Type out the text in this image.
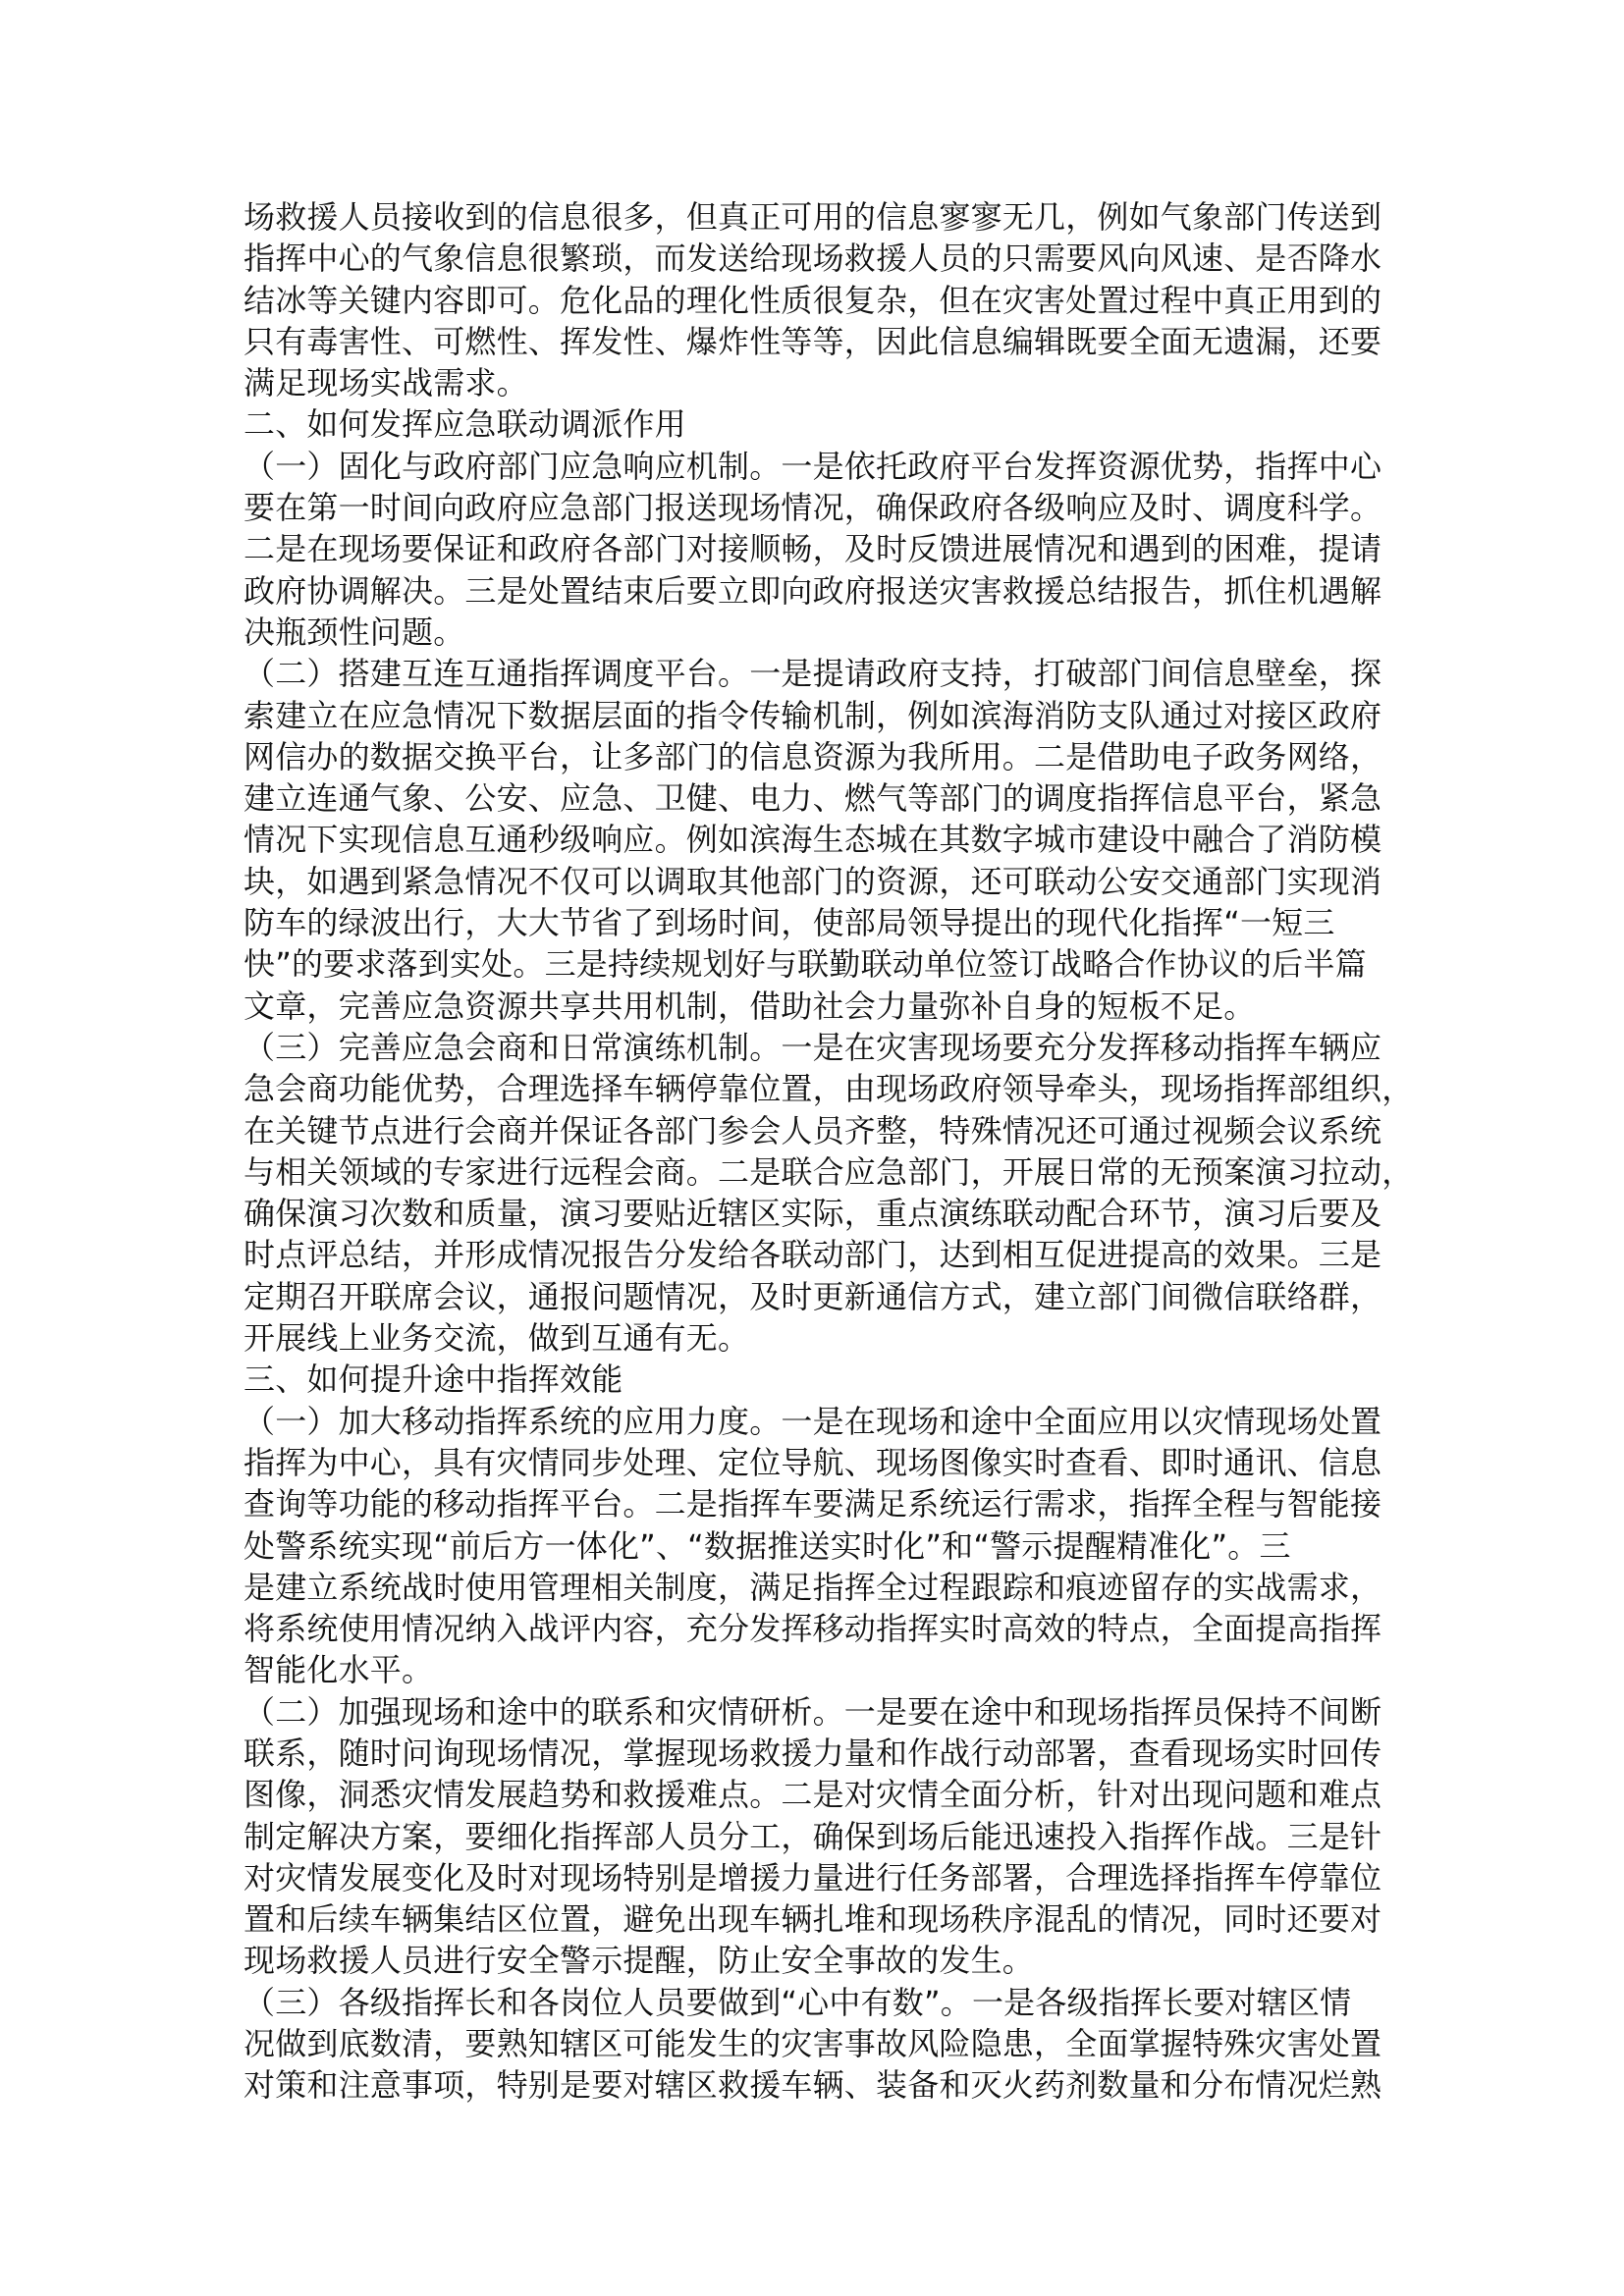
场救援人员接收到的信息很多，但真正可用的信息寥寥无几，例如气象部门传送到
指挥中心的气象信息很繁琐，而发送给现场救援人员的只需要风向风速、是否降水
结冰等关键内容即可。危化品的理化性质很复杂，但在灾害处置过程中真正用到的
只有毒害性、可燃性、挥发性、爆炸性等等，因此信息编辑既要全面无遗漏，还要
满足现场实战需求。
二、如何发挥应急联动调派作用
（一）固化与政府部门应急响应机制。一是依托政府平台发挥资源优势，指挥中心
要在第一时间向政府应急部门报送现场情况，确保政府各级响应及时、调度科学。
二是在现场要保证和政府各部门对接顺畅，及时反馈进展情况和遇到的困难，提请
政府协调解决。三是处置结束后要立即向政府报送灾害救援总结报告，抓住机遇解
决瓶颈性问题。
（二）搭建互连互通指挥调度平台。一是提请政府支持，打破部门间信息壁垒，探
索建立在应急情况下数据层面的指令传输机制，例如滨海消防支队通过对接区政府
网信办的数据交换平台，让多部门的信息资源为我所用。二是借助电子政务网络，
建立连通气象、公安、应急、卫健、电力、燃气等部门的调度指挥信息平台，紧急
情况下实现信息互通秒级响应。例如滨海生态城在其数字城市建设中融合了消防模
块，如遇到紧急情况不仅可以调取其他部门的资源，还可联动公安交通部门实现消
防车的绿波出行，大大节省了到场时间，使部局领导提出的现代化指挥“一短三
快”的要求落到实处。三是持续规划好与联勤联动单位签订战略合作协议的后半篇
文章，完善应急资源共享共用机制，借助社会力量弥补自身的短板不足。
（三）完善应急会商和日常演练机制。一是在灾害现场要充分发挥移动指挥车辆应
急会商功能优势，合理选择车辆停靠位置，由现场政府领导牵头，现场指挥部组织，
在关键节点进行会商并保证各部门参会人员齐整，特殊情况还可通过视频会议系统
与相关领域的专家进行远程会商。二是联合应急部门，开展日常的无预案演习拉动，
确保演习次数和质量，演习要贴近辖区实际，重点演练联动配合环节，演习后要及
时点评总结，并形成情况报告分发给各联动部门，达到相互促进提高的效果。三是
定期召开联席会议，通报问题情况，及时更新通信方式，建立部门间微信联络群，
开展线上业务交流，做到互通有无。
三、如何提升途中指挥效能
（一）加大移动指挥系统的应用力度。一是在现场和途中全面应用以灾情现场处置
指挥为中心，具有灾情同步处理、定位导航、现场图像实时查看、即时通讯、信息
查询等功能的移动指挥平台。二是指挥车要满足系统运行需求，指挥全程与智能接
处警系统实现“前后方一体化”、“数据推送实时化”和“警示提醒精准化”。三
是建立系统战时使用管理相关制度，满足指挥全过程跟踪和痕迹留存的实战需求，
将系统使用情况纳入战评内容，充分发挥移动指挥实时高效的特点，全面提高指挥
智能化水平。
（二）加强现场和途中的联系和灾情研析。一是要在途中和现场指挥员保持不间断
联系，随时问询现场情况，掌握现场救援力量和作战行动部署，查看现场实时回传
图像，洞悉灾情发展趋势和救援难点。二是对灾情全面分析，针对出现问题和难点
制定解决方案，要细化指挥部人员分工，确保到场后能迅速投入指挥作战。三是针
对灾情发展变化及时对现场特别是增援力量进行任务部署，合理选择指挥车停靠位
置和后续车辆集结区位置，避免出现车辆扎堆和现场秩序混乱的情况，同时还要对
现场救援人员进行安全警示提醒，防止安全事故的发生。
（三）各级指挥长和各岗位人员要做到“心中有数”。一是各级指挥长要对辖区情
况做到底数清，要熟知辖区可能发生的灾害事故风险隐患，全面掌握特殊灾害处置
对策和注意事项，特别是要对辖区救援车辆、装备和灭火药剂数量和分布情况烂熟
